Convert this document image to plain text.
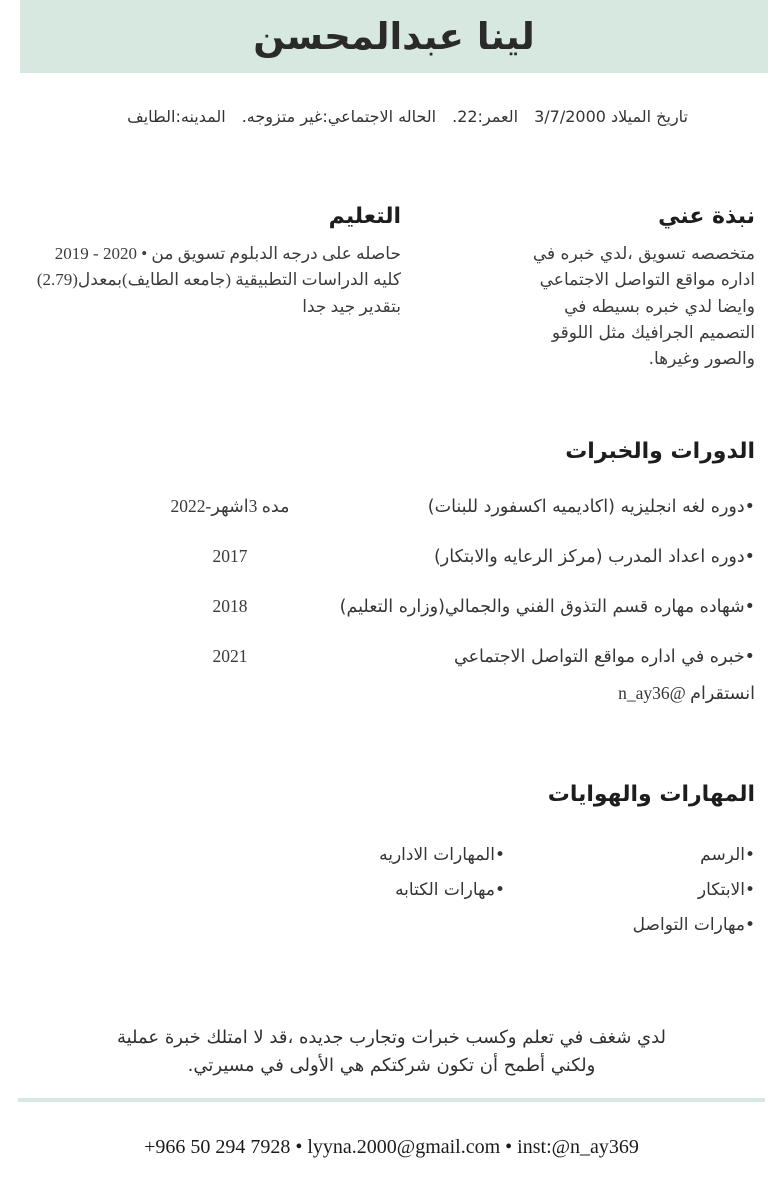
لينا عبدالمحسن
تاريخ الميلاد 3/7/2000
العمر:22.
الحاله الاجتماعي:غير متزوجه.
المدينه:الطايف
نبذة عني

متخصصه تسويق ،لدي خبره في اداره مواقع التواصل الاجتماعي وايضا لدي خبره بسيطه في التصميم الجرافيك مثل اللوقو والصور وغيرها.

التعليم

2019 - 2020 • حاصله على درجه الدبلوم تسويق من كليه الدراسات التطبيقية (جامعه الطايف)بمعدل(2.79) بتقدير جيد جدا

الدورات والخبرات

•دوره لغه انجليزيه (اكاديميه اكسفورد للبنات)

مده 3اشهر-2022

•دوره اعداد المدرب (مركز الرعايه والابتكار)

2017

•شهاده مهاره قسم التذوق الفني والجمالي(وزاره التعليم)

2018

•خبره في اداره مواقع التواصل الاجتماعي

انستقرام @n_ay36

2021
المهارات والهوايات
•الرسم
•الابتكار
•مهارات التواصل
•المهارات الاداريه
•مهارات الكتابه

لدي شغف في تعلم وكسب خبرات وتجارب جديده ،قد لا امتلك خبرة عملية ولكني أطمح أن تكون شركتكم هي الأولى في مسيرتي.

+966 50 294 7928 • lyyna.2000@gmail.com • inst:@n_ay369
